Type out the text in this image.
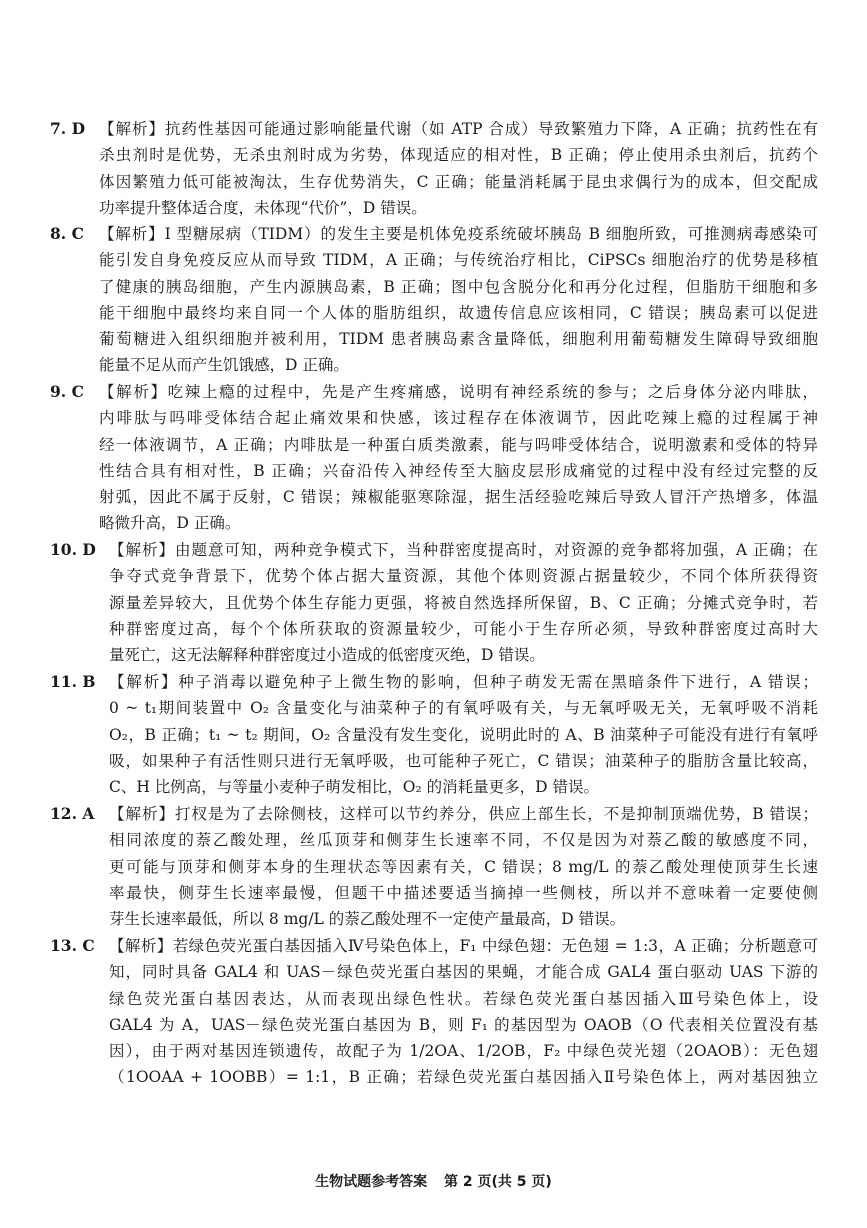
7. D 【解析】抗药性基因可能通过影响能量代谢（如 ATP 合成）导致繁殖力下降，A 正确；抗药性在有
杀虫剂时是优势，无杀虫剂时成为劣势，体现适应的相对性，B 正确；停止使用杀虫剂后，抗药个
体因繁殖力低可能被淘汰，生存优势消失，C 正确；能量消耗属于昆虫求偶行为的成本，但交配成
功率提升整体适合度，未体现“代价”，D 错误。
8. C 【解析】I 型糖尿病（TIDM）的发生主要是机体免疫系统破坏胰岛 B 细胞所致，可推测病毒感染可
能引发自身免疫反应从而导致 TIDM，A 正确；与传统治疗相比，CiPSCs 细胞治疗的优势是移植
了健康的胰岛细胞，产生内源胰岛素，B 正确；图中包含脱分化和再分化过程，但脂肪干细胞和多
能干细胞中最终均来自同一个人体的脂肪组织，故遗传信息应该相同，C 错误；胰岛素可以促进
葡萄糖进入组织细胞并被利用，TIDM 患者胰岛素含量降低，细胞利用葡萄糖发生障碍导致细胞
能量不足从而产生饥饿感，D 正确。
9. C 【解析】吃辣上瘾的过程中，先是产生疼痛感，说明有神经系统的参与；之后身体分泌内啡肽，
内啡肽与吗啡受体结合起止痛效果和快感，该过程存在体液调节，因此吃辣上瘾的过程属于神
经一体液调节，A 正确；内啡肽是一种蛋白质类激素，能与吗啡受体结合，说明激素和受体的特异
性结合具有相对性，B 正确；兴奋沿传入神经传至大脑皮层形成痛觉的过程中没有经过完整的反
射弧，因此不属于反射，C 错误；辣椒能驱寒除湿，据生活经验吃辣后导致人冒汗产热增多，体温
略微升高，D 正确。
10. D 【解析】由题意可知，两种竞争模式下，当种群密度提高时，对资源的竞争都将加强，A 正确；在
争夺式竞争背景下，优势个体占据大量资源，其他个体则资源占据量较少，不同个体所获得资
源量差异较大，且优势个体生存能力更强，将被自然选择所保留，B、C 正确；分摊式竞争时，若
种群密度过高，每个个体所获取的资源量较少，可能小于生存所必须，导致种群密度过高时大
量死亡，这无法解释种群密度过小造成的低密度灭绝，D 错误。
11. B 【解析】种子消毒以避免种子上微生物的影响，但种子萌发无需在黑暗条件下进行，A 错误；
0 ~ t₁期间装置中 O₂ 含量变化与油菜种子的有氧呼吸有关，与无氧呼吸无关，无氧呼吸不消耗
O₂，B 正确；t₁ ~ t₂ 期间，O₂ 含量没有发生变化，说明此时的 A、B 油菜种子可能没有进行有氧呼
吸，如果种子有活性则只进行无氧呼吸，也可能种子死亡，C 错误；油菜种子的脂肪含量比较高，
C、H 比例高，与等量小麦种子萌发相比，O₂ 的消耗量更多，D 错误。
12. A 【解析】打杈是为了去除侧枝，这样可以节约养分，供应上部生长，不是抑制顶端优势，B 错误；
相同浓度的萘乙酸处理，丝瓜顶芽和侧芽生长速率不同，不仅是因为对萘乙酸的敏感度不同，
更可能与顶芽和侧芽本身的生理状态等因素有关，C 错误；8 mg/L 的萘乙酸处理使顶芽生长速
率最快，侧芽生长速率最慢，但题干中描述要适当摘掉一些侧枝，所以并不意味着一定要使侧
芽生长速率最低，所以 8 mg/L 的萘乙酸处理不一定使产量最高，D 错误。
13. C 【解析】若绿色荧光蛋白基因插入Ⅳ号染色体上，F₁ 中绿色翅：无色翅 = 1:3，A 正确；分析题意可
知，同时具备 GAL4 和 UAS－绿色荧光蛋白基因的果蝇，才能合成 GAL4 蛋白驱动 UAS 下游的
绿色荧光蛋白基因表达，从而表现出绿色性状。若绿色荧光蛋白基因插入Ⅲ号染色体上，设
GAL4 为 A，UAS－绿色荧光蛋白基因为 B，则 F₁ 的基因型为 OAOB（O 代表相关位置没有基
因），由于两对基因连锁遗传，故配子为 1/2OA、1/2OB，F₂ 中绿色荧光翅（2OAOB）：无色翅
（1OOAA + 1OOBB）= 1:1，B 正确；若绿色荧光蛋白基因插入Ⅱ号染色体上，两对基因独立
生物试题参考答案 第 2 页(共 5 页)
